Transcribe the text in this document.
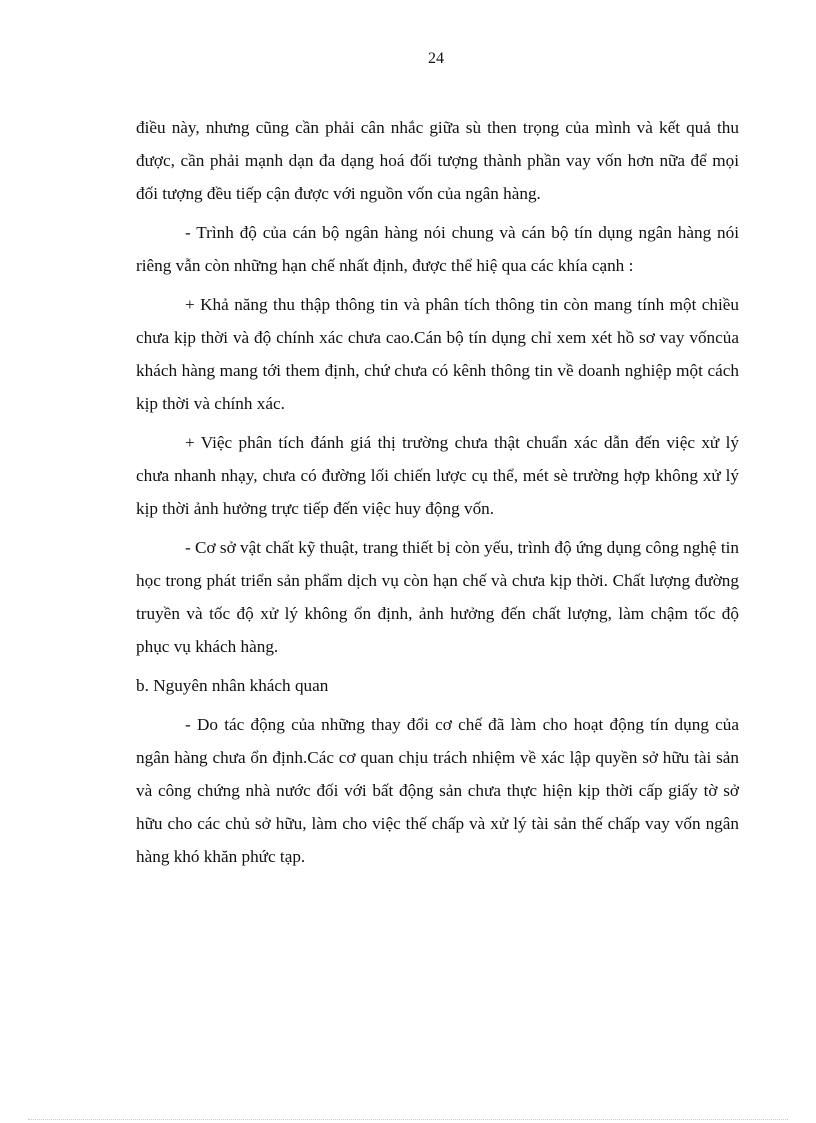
24

điều này, nhưng cũng cần phải cân nhắc giữa sù then trọng của mình và kết quả thu được, cần phải mạnh dạn đa dạng hoá đối tượng thành phần vay vốn hơn nữa để mọi đối tượng đều tiếp cận được với nguồn vốn của ngân hàng.

- Trình độ của cán bộ ngân hàng nói chung và cán bộ tín dụng ngân hàng nói riêng vẫn còn những hạn chế nhất định, được thể hiệ qua các khía cạnh :

+ Khả năng thu thập thông tin và phân tích thông tin còn mang tính một chiều chưa kịp thời và độ chính xác chưa cao.Cán bộ tín dụng chỉ xem xét hồ sơ vay vốncủa khách hàng mang tới them định, chứ chưa có kênh thông tin về doanh nghiệp một cách kịp thời và chính xác.

+ Việc phân tích đánh giá thị trường chưa thật chuẩn xác dẫn đến việc xử lý chưa nhanh nhạy, chưa có đường lối chiến lược cụ thể, mét sè trường hợp không xử lý kịp thời ảnh hưởng trực tiếp đến việc huy động vốn.

- Cơ sở vật chất kỹ thuật, trang thiết bị còn yếu, trình độ ứng dụng công nghệ tin học trong phát triển sản phẩm dịch vụ còn hạn chế và chưa kịp thời. Chất lượng đường truyền và tốc độ xử lý không ổn định, ảnh hưởng đến chất lượng, làm chậm tốc độ phục vụ khách hàng.

b. Nguyên nhân khách quan

- Do tác động của những thay đổi cơ chế đã làm cho hoạt động tín dụng của ngân hàng chưa ổn định.Các cơ quan chịu trách nhiệm về xác lập quyền sở hữu tài sản và công chứng nhà nước đối với bất động sản chưa thực hiện kịp thời cấp giấy tờ sở hữu cho các chủ sở hữu, làm cho việc thế chấp và xử lý tài sản thế chấp vay vốn ngân hàng khó khăn phức tạp.
